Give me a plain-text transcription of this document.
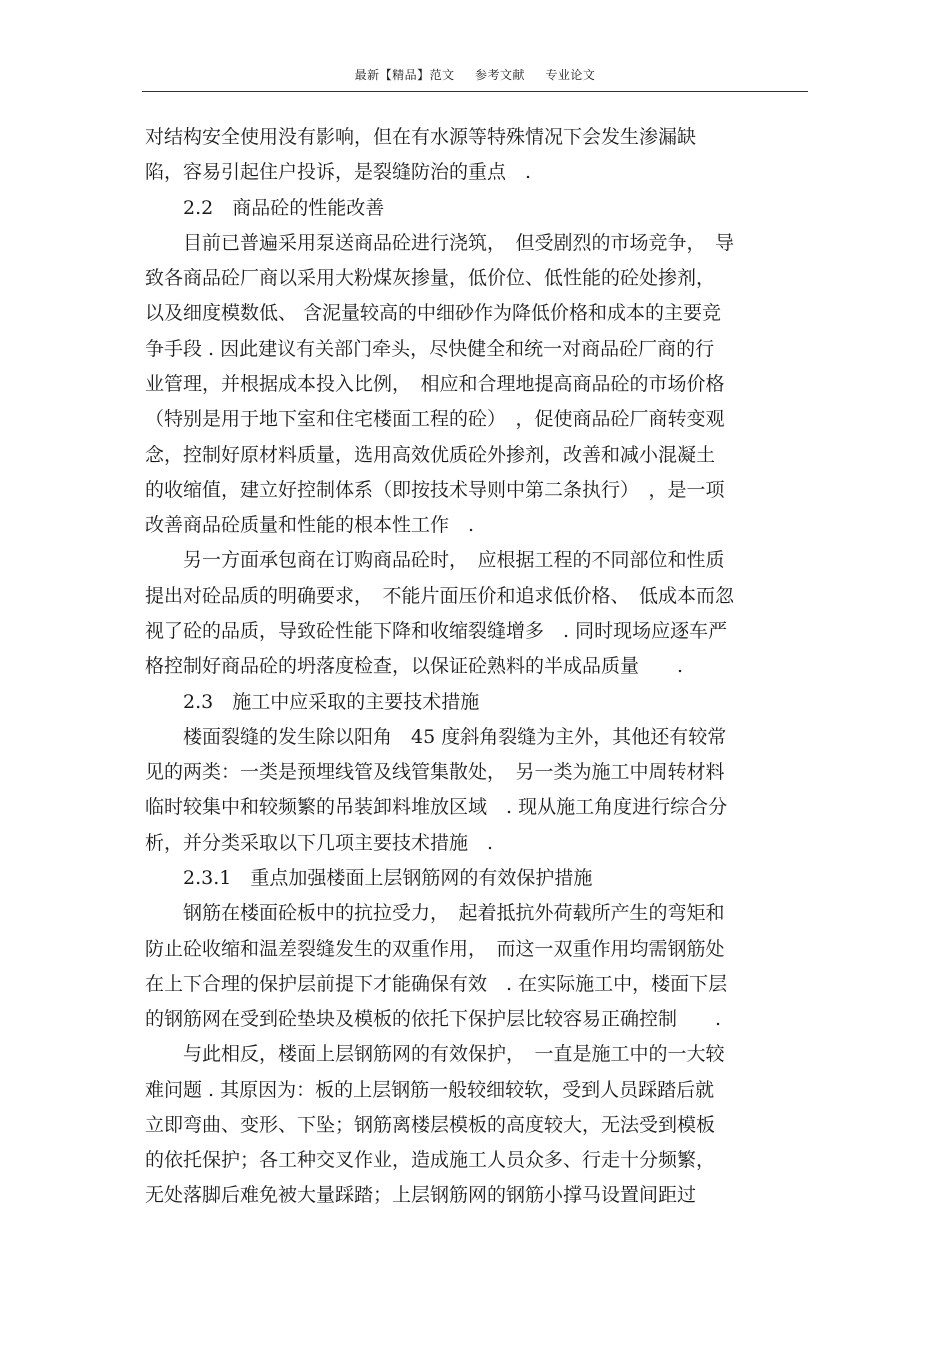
最新【精品】范文 参考文献 专业论文
对结构安全使用没有影响，但在有水源等特殊情况下会发生渗漏缺
陷，容易引起住户投诉，是裂缝防治的重点　.
　　2.2　商品砼的性能改善
　　目前已普遍采用泵送商品砼进行浇筑，　但受剧烈的市场竞争，　导
致各商品砼厂商以采用大粉煤灰掺量，低价位、低性能的砼处掺剂，
以及细度模数低、 含泥量较高的中细砂作为降低价格和成本的主要竞
争手段 . 因此建议有关部门牵头，尽快健全和统一对商品砼厂商的行
业管理，并根据成本投入比例，　相应和合理地提高商品砼的市场价格
（特别是用于地下室和住宅楼面工程的砼）　，促使商品砼厂商转变观
念，控制好原材料质量，选用高效优质砼外掺剂，改善和减小混凝土
的收缩值，建立好控制体系（即按技术导则中第二条执行）　，是一项
改善商品砼质量和性能的根本性工作　.
　　另一方面承包商在订购商品砼时，　应根据工程的不同部位和性质
提出对砼品质的明确要求，　不能片面压价和追求低价格、　低成本而忽
视了砼的品质，导致砼性能下降和收缩裂缝增多　. 同时现场应逐车严
格控制好商品砼的坍落度检查，以保证砼熟料的半成品质量　　.
　　2.3　施工中应采取的主要技术措施
　　楼面裂缝的发生除以阳角　45 度斜角裂缝为主外，其他还有较常
见的两类：一类是预埋线管及线管集散处，　另一类为施工中周转材料
临时较集中和较频繁的吊装卸料堆放区域　. 现从施工角度进行综合分
析，并分类采取以下几项主要技术措施　.
　　2.3.1　重点加强楼面上层钢筋网的有效保护措施
　　钢筋在楼面砼板中的抗拉受力，　起着抵抗外荷载所产生的弯矩和
防止砼收缩和温差裂缝发生的双重作用，　而这一双重作用均需钢筋处
在上下合理的保护层前提下才能确保有效　. 在实际施工中，楼面下层
的钢筋网在受到砼垫块及模板的依托下保护层比较容易正确控制　　.
　　与此相反，楼面上层钢筋网的有效保护，　一直是施工中的一大较
难问题 . 其原因为：板的上层钢筋一般较细较软，受到人员踩踏后就
立即弯曲、变形、下坠；钢筋离楼层模板的高度较大，无法受到模板
的依托保护；各工种交叉作业，造成施工人员众多、行走十分频繁，
无处落脚后难免被大量踩踏；上层钢筋网的钢筋小撑马设置间距过
